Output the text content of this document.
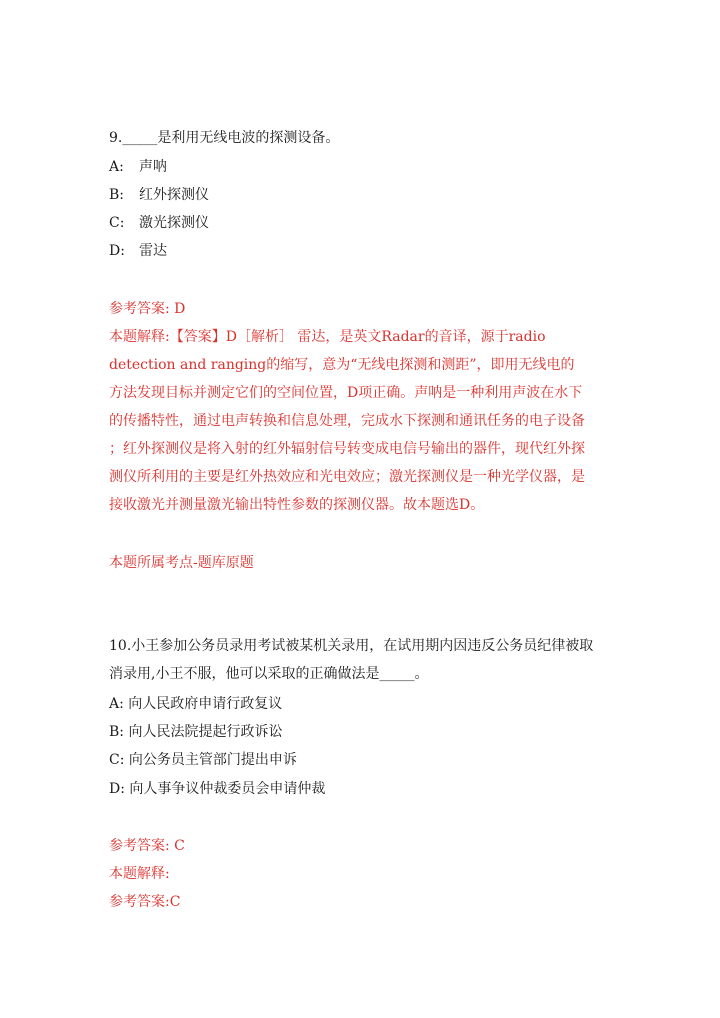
9._____是利用无线电波的探测设备。
A: 声呐
B: 红外探测仪
C: 激光探测仪
D: 雷达
参考答案: D
本题解释:【答案】D［解析］ 雷达，是英文Radar的音译，源于radio
detection and ranging的缩写，意为“无线电探测和测距”，即用无线电的
方法发现目标并测定它们的空间位置，D项正确。声呐是一种利用声波在水下
的传播特性，通过电声转换和信息处理，完成水下探测和通讯任务的电子设备
；红外探测仪是将入射的红外辐射信号转变成电信号输出的器件，现代红外探
测仪所利用的主要是红外热效应和光电效应；激光探测仪是一种光学仪器，是
接收激光并测量激光输出特性参数的探测仪器。故本题选D。
本题所属考点-题库原题
10.小王参加公务员录用考试被某机关录用，在试用期内因违反公务员纪律被取
消录用,小王不服，他可以采取的正确做法是_____。
A: 向人民政府申请行政复议
B: 向人民法院提起行政诉讼
C: 向公务员主管部门提出申诉
D: 向人事争议仲裁委员会申请仲裁
参考答案: C
本题解释:
参考答案:C
